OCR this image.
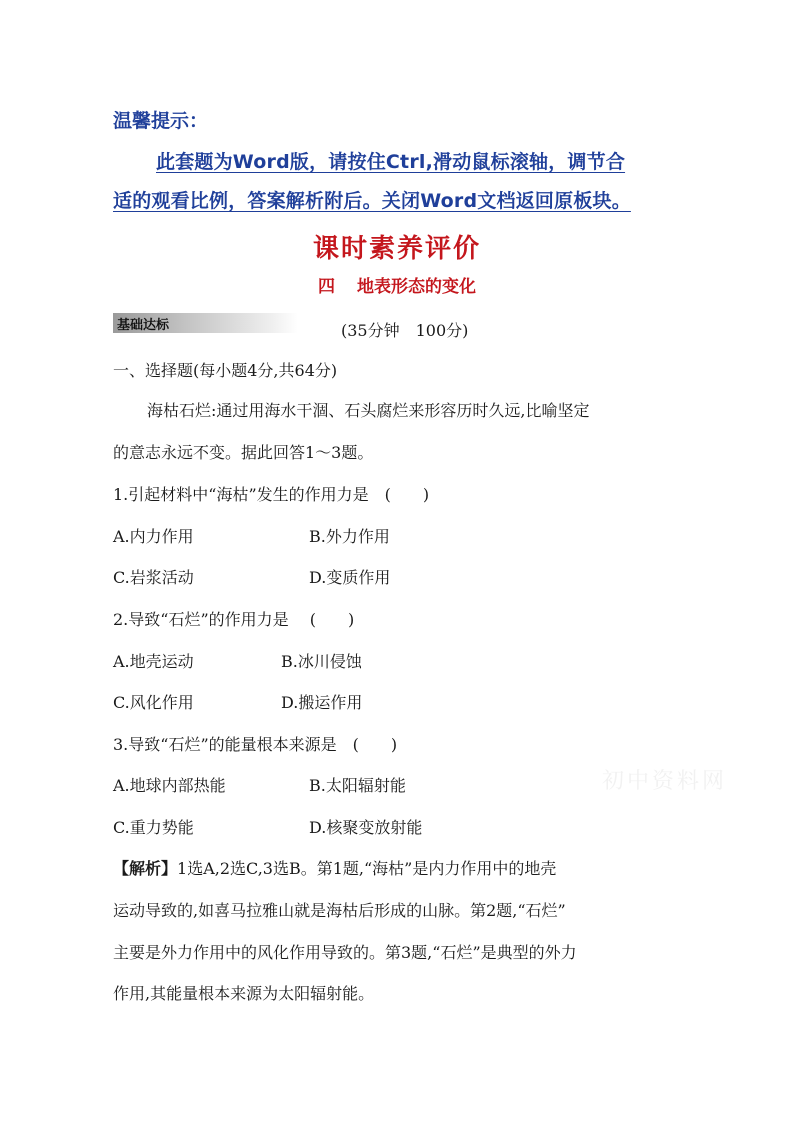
温馨提示：
此套题为Word版，请按住Ctrl,滑动鼠标滚轴，调节合
适的观看比例，答案解析附后。关闭Word文档返回原板块。
课时素养评价
四 地表形态的变化
基础达标	(35分钟　100分)
一、选择题(每小题4分,共64分)
海枯石烂:通过用海水干涸、石头腐烂来形容历时久远,比喻坚定
的意志永远不变。据此回答1～3题。
1.引起材料中“海枯”发生的作用力是　(　　)
A.内力作用	B.外力作用
C.岩浆活动	D.变质作用
2.导致“石烂”的作用力是　 (　　)
A.地壳运动	B.冰川侵蚀
C.风化作用	D.搬运作用
3.导致“石烂”的能量根本来源是　(　　)
A.地球内部热能	B.太阳辐射能
C.重力势能	D.核聚变放射能
【解析】1选A,2选C,3选B。第1题,“海枯”是内力作用中的地壳
运动导致的,如喜马拉雅山就是海枯后形成的山脉。第2题,“石烂”
主要是外力作用中的风化作用导致的。第3题,“石烂”是典型的外力
作用,其能量根本来源为太阳辐射能。
初中资料网
